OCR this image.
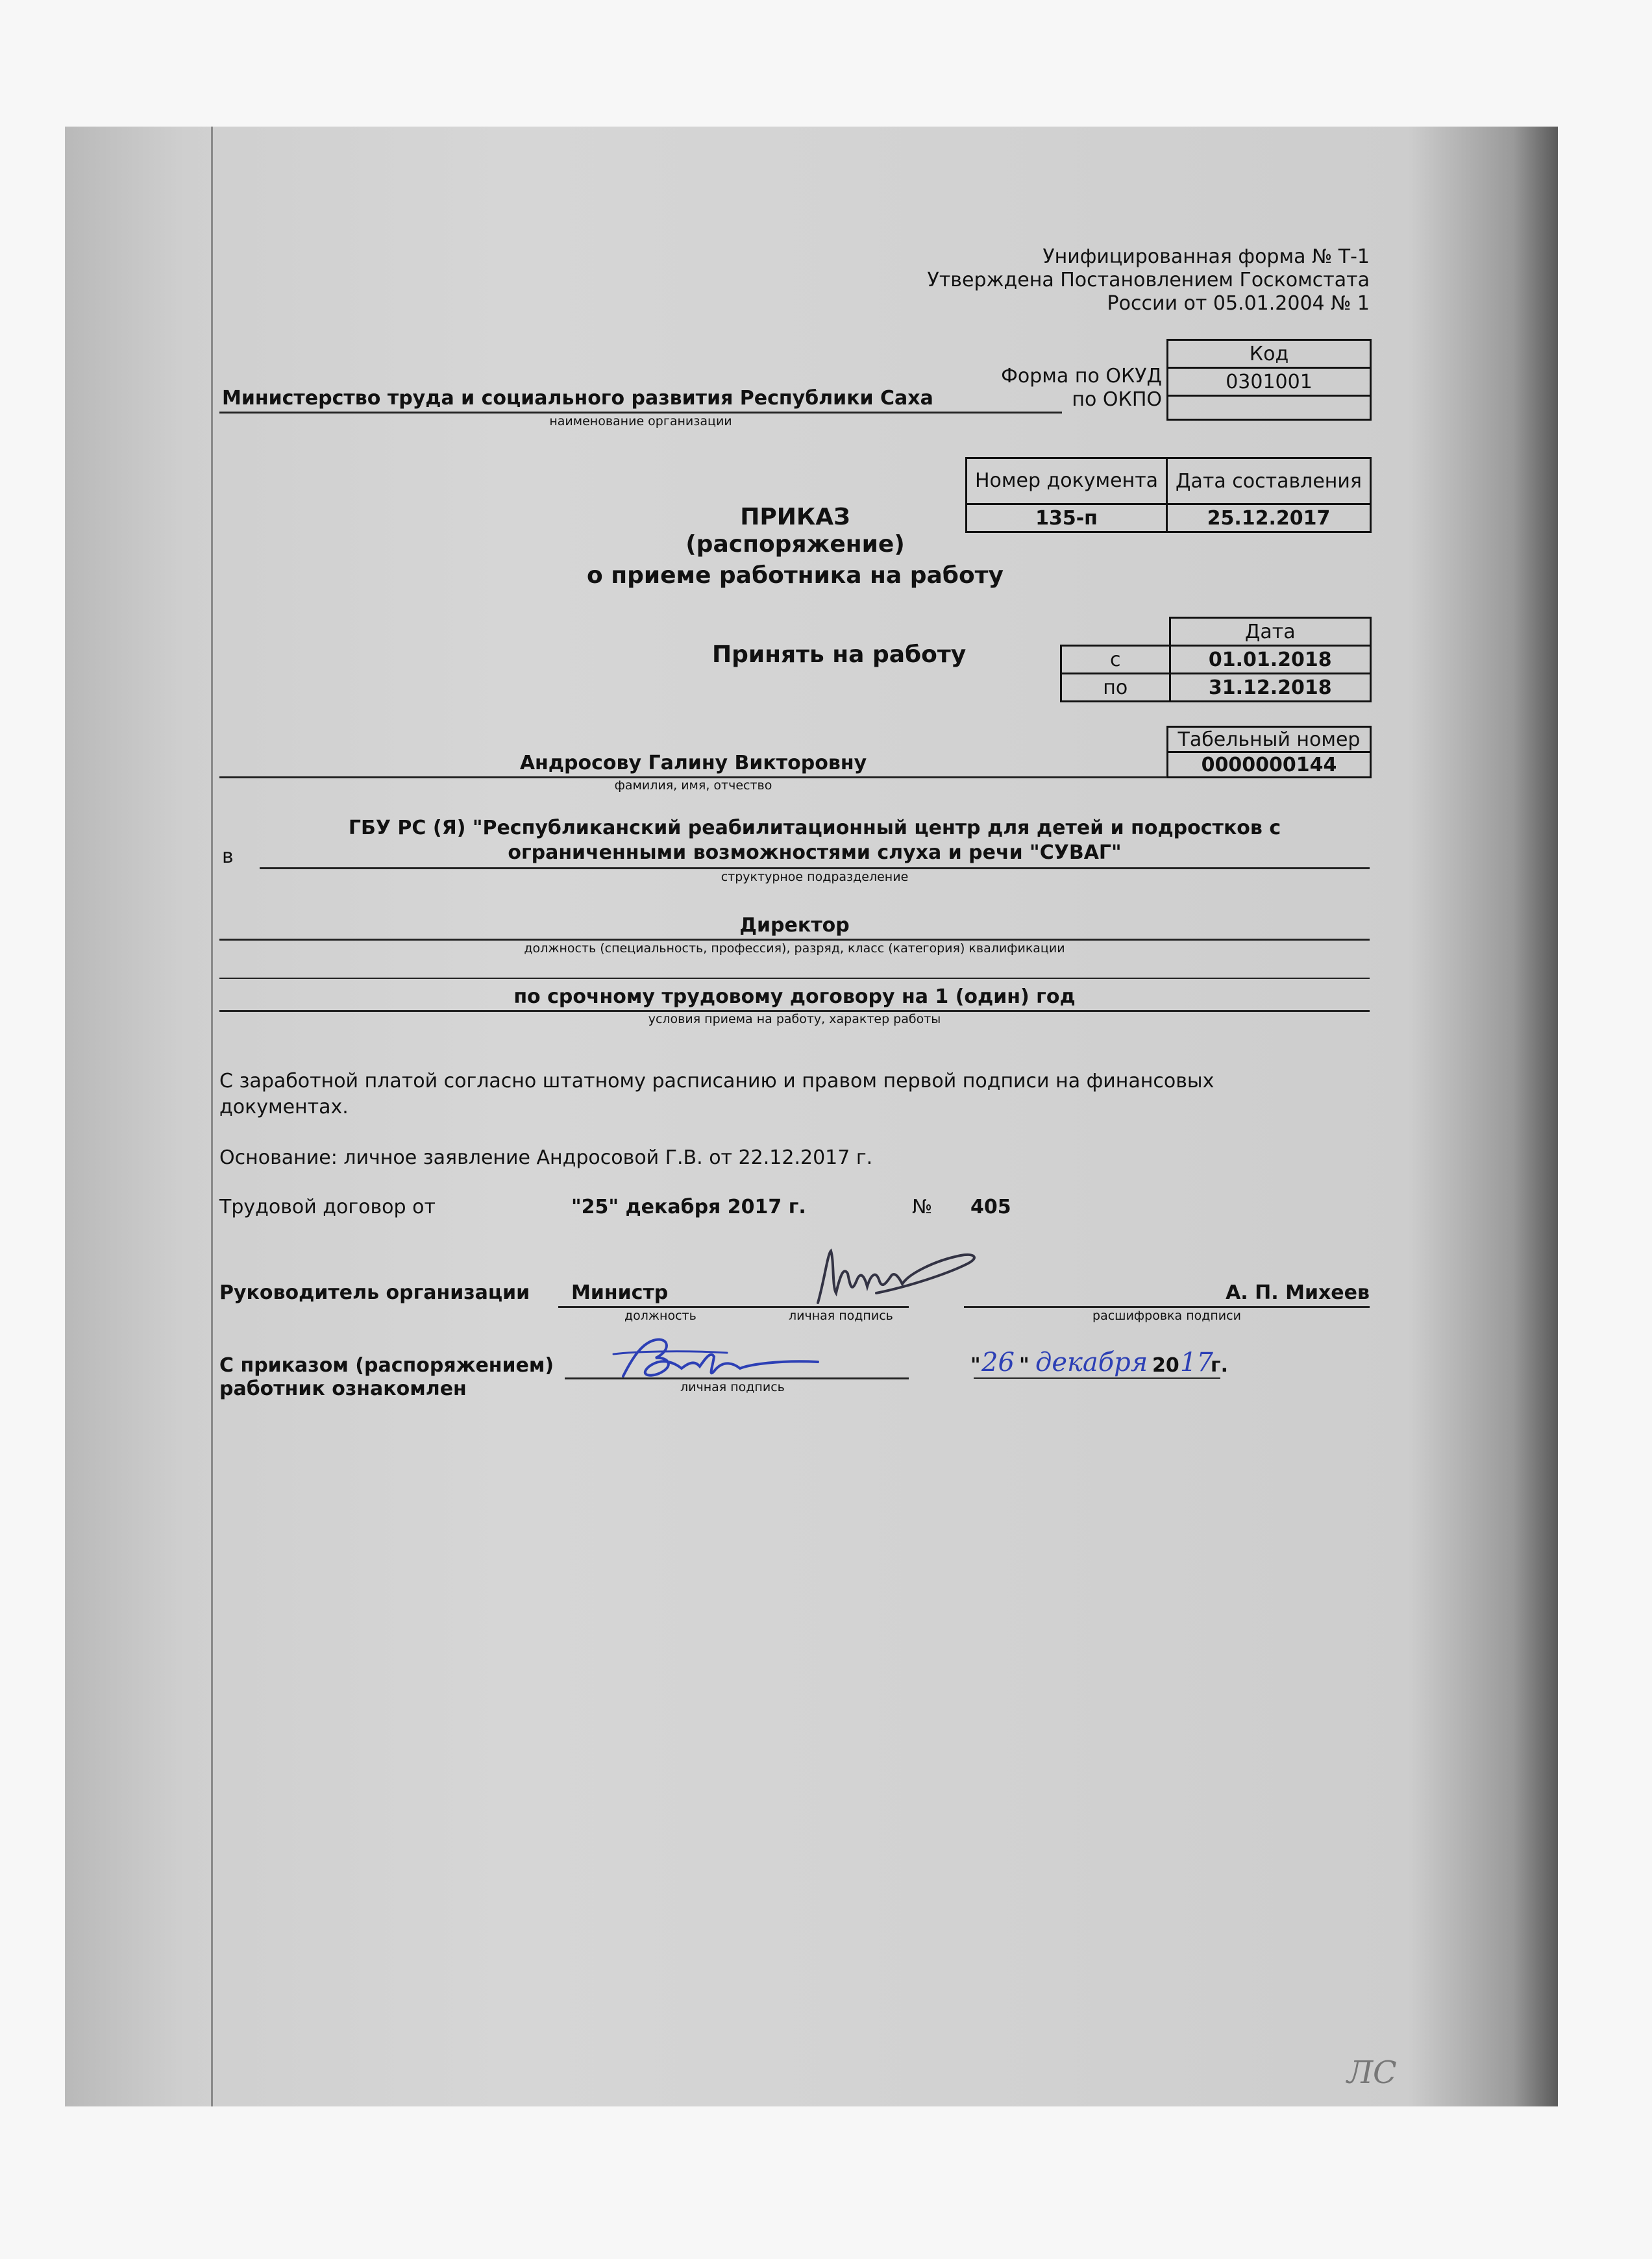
Унифицированная форма № Т-1
Утверждена Постановлением Госкомстата
России от 05.01.2004 № 1
Код
0301001

Форма по ОКУД
по ОКПО
Министерство труда и социального развития Республики Саха
наименование организации
Номер документа	Дата составления
135-п	25.12.2017
ПРИКАЗ
(распоряжение)
о приеме работника на работу
Принять на работу
	Дата
с	01.01.2018
по	31.12.2018
Табельный номер
0000000144
Андросову Галину Викторовну
фамилия, имя, отчество
в
ГБУ РС (Я) "Республиканский реабилитационный центр для детей и подростков с
ограниченными возможностями слуха и речи "СУВАГ"
структурное подразделение
Директор
должность (специальность, профессия), разряд, класс (категория) квалификации
по срочному трудовому договору на 1 (один) год
условия приема на работу, характер работы
С заработной платой согласно штатному расписанию и правом первой подписи на финансовых
документах.
Основание: личное заявление Андросовой Г.В. от 22.12.2017 г.
Трудовой договор от	"25" декабря 2017 г.	№ 405
Руководитель организации Министр	А. П. Михеев
должность	личная подпись	расшифровка подписи
С приказом (распоряжением)
работник ознакомлен	личная подпись
" 26 " декабря 20 17
г.
ЛС
